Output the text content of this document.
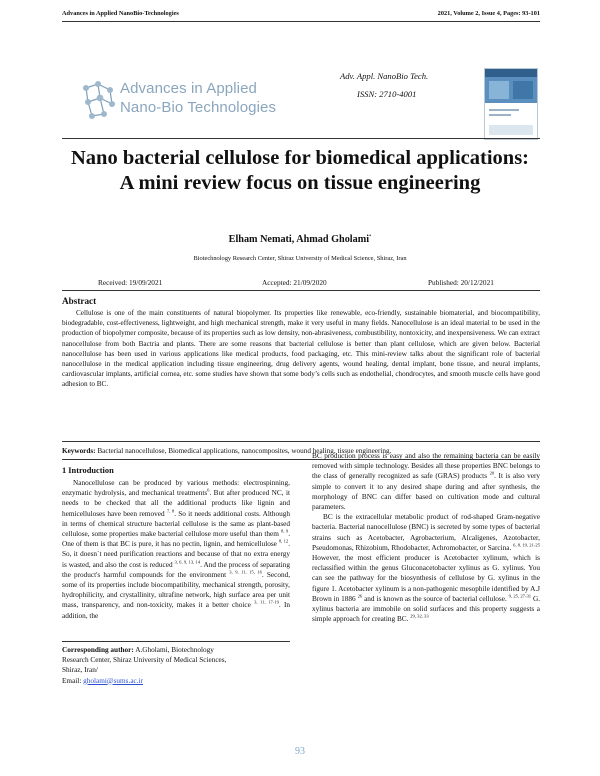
Advances in Applied NanoBio-Technologies	2021, Volume 2, Issue 4, Pages: 93-101
Advances in Applied
Nano-Bio Technologies
Adv. Appl. NanoBio Tech.
ISSN: 2710-4001
Nano bacterial cellulose for biomedical applications: A mini review focus on tissue engineering
Elham Nemati, Ahmad Gholami*
Biotechnology Research Center, Shiraz University of Medical Science, Shiraz, Iran
Received: 19/09/2021	Accepted: 21/09/2020	Published: 20/12/2021
Abstract
Cellulose is one of the main constituents of natural biopolymer. Its properties like renewable, eco-friendly, sustainable biomaterial, and biocompatibility, biodegradable, cost-effectiveness, lightweight, and high mechanical strength, make it very useful in many fields. Nanocellulose is an ideal material to be used in the production of biopolymer composite, because of its properties such as low density, non-abrasiveness, combustibility, nontoxicity, and inexpensiveness. We can extract nanocellulose from both Bactria and plants. There are some reasons that bacterial cellulose is better than plant cellulose, which are given below. Bacterial nanocellulose has been used in various applications like medical products, food packaging, etc. This mini-review talks about the significant role of bacterial nanocellulose in the medical application including tissue engineering, drug delivery agents, wound healing, dental implant, bone tissue, and neural implants, cardiovascular implants, artificial cornea, etc. some studies have shown that some body’s cells such as endothelial, chondrocytes, and smooth muscle cells have good adhesion to BC.
Keywords: Bacterial nanocellulose, Biomedical applications, nanocomposites, wound healing, tissue engineering.
1 Introduction

Nanocellulose can be produced by various methods: electrospinning, enzymatic hydrolysis, and mechanical treatments$^6$. But after produced NC, it needs to be checked that all the additional products like lignin and hemicelluloses have been removed $^{7, 8}$. So it needs additional costs. Although in terms of chemical structure bacterial cellulose is the same as plant-based cellulose, some properties make bacterial cellulose more useful than them $^{8, 9}$. One of them is that BC is pure, it has no pectin, lignin, and hemicellulose $^{8, 12}$. So, it doesn`t need purification reactions and because of that no extra energy is wasted, and also the cost is reduced $^{3, 6, 9, 13, 14}$. And the process of separating the product's harmful compounds for the environment $^{3, 9, 11, 15, 16}$. Second, some of its properties include biocompatibility, mechanical strength, porosity, hydrophilicity, and crystallinity, ultrafine network, high surface area per unit mass, transparency, and non-toxicity, makes it a better choice $^{3, 11, 17-19}$. In addition, the

Corresponding author: A.Gholami, Biotechnology
Research Center, Shiraz University of Medical Sciences,
Shiraz, Iran/
Email: gholami@sums.ac.ir

BC production process is easy and also the remaining bacteria can be easily removed with simple technology. Besides all these properties BNC belongs to the class of generally recognized as safe (GRAS) products $^{20}$. It is also very simple to convert it to any desired shape during and after synthesis, the morphology of BNC can differ based on cultivation mode and cultural parameters.

BC is the extracellular metabolic product of rod-shaped Gram-negative bacteria. Bacterial nanocellulose (BNC) is secreted by some types of bacterial strains such as Acetobacter, Agrobacterium, Alcaligenes, Azotobacter, Pseudomonas, Rhizobium, Rhodobacter, Achromobacter, or Sarcina. $^{6, 8, 19, 21-25}$ However, the most efficient producer is Acetobacter xylinum, which is reclassified within the genus Gluconacetobacter xylinus as G. xylinus. You can see the pathway for the biosynthesis of cellulose by G. xylinus in the figure 1. Acetobacter xylinum is a non-pathogenic mesophile identified by A.J Brown in 1886 $^{26}$ and is known as the source of bacterial cellulose. $^{9, 25, 27-31}$ G. xylinus bacteria are immobile on solid surfaces and this property suggests a simple approach for creating BC. $^{29, 32, 33}$

93
